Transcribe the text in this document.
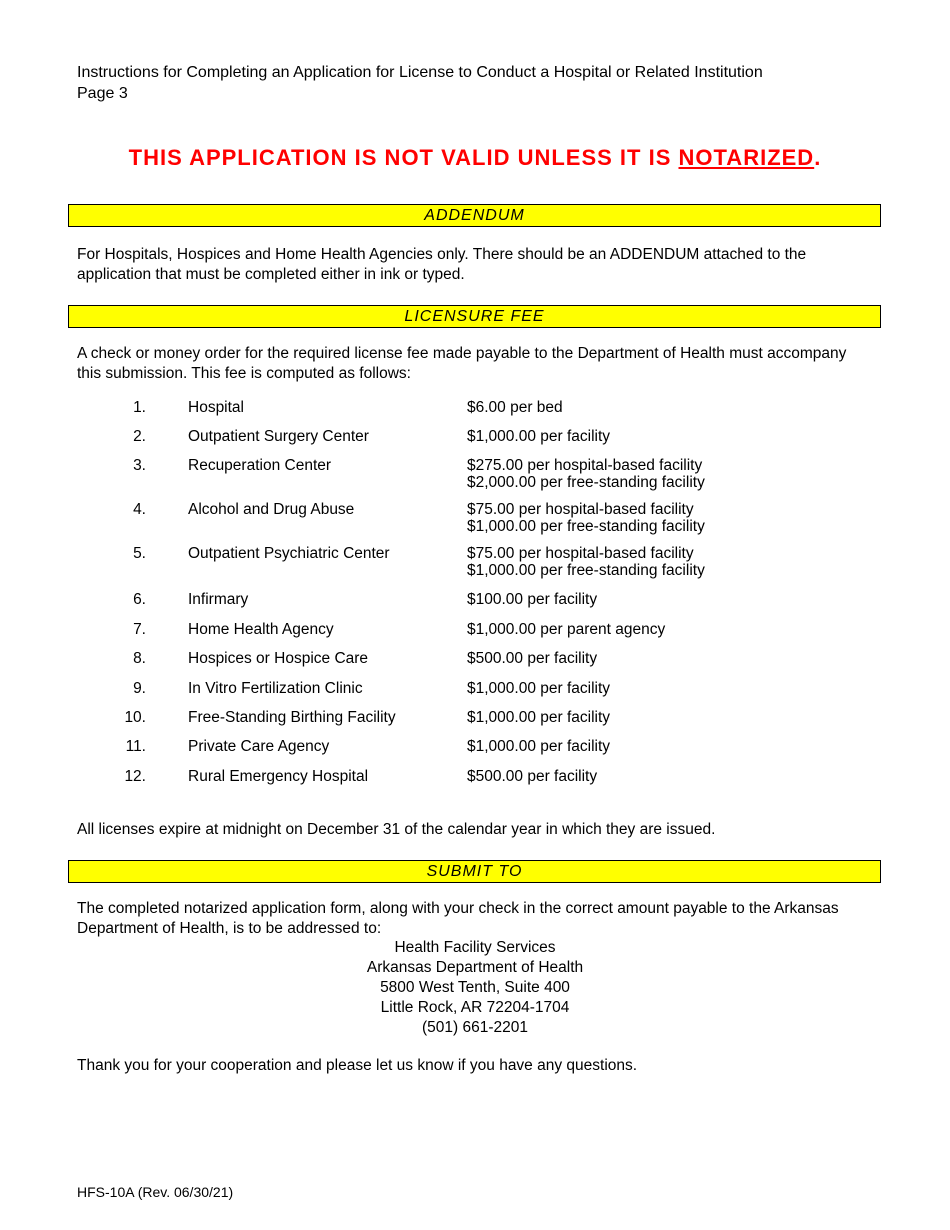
Instructions for Completing an Application for License to Conduct a Hospital or Related Institution
Page 3
THIS APPLICATION IS NOT VALID UNLESS IT IS NOTARIZED.
ADDENDUM
For Hospitals, Hospices and Home Health Agencies only. There should be an ADDENDUM attached to the application that must be completed either in ink or typed.
LICENSURE FEE
A check or money order for the required license fee made payable to the Department of Health must accompany this submission. This fee is computed as follows:
1.	Hospital	$6.00 per bed
2.	Outpatient Surgery Center	$1,000.00 per facility
3.	Recuperation Center	$275.00 per hospital-based facility
$2,000.00 per free-standing facility
4.	Alcohol and Drug Abuse	$75.00 per hospital-based facility
$1,000.00 per free-standing facility
5.	Outpatient Psychiatric Center	$75.00 per hospital-based facility
$1,000.00 per free-standing facility
6.	Infirmary	$100.00 per facility
7.	Home Health Agency	$1,000.00 per parent agency
8.	Hospices or Hospice Care	$500.00 per facility
9.	In Vitro Fertilization Clinic	$1,000.00 per facility
10.	Free-Standing Birthing Facility	$1,000.00 per facility
11.	Private Care Agency	$1,000.00 per facility
12.	Rural Emergency Hospital	$500.00 per facility
All licenses expire at midnight on December 31 of the calendar year in which they are issued.
SUBMIT TO
The completed notarized application form, along with your check in the correct amount payable to the Arkansas Department of Health, is to be addressed to:
Health Facility Services
Arkansas Department of Health
5800 West Tenth, Suite 400
Little Rock, AR 72204-1704
(501) 661-2201
Thank you for your cooperation and please let us know if you have any questions.
HFS-10A (Rev. 06/30/21)
